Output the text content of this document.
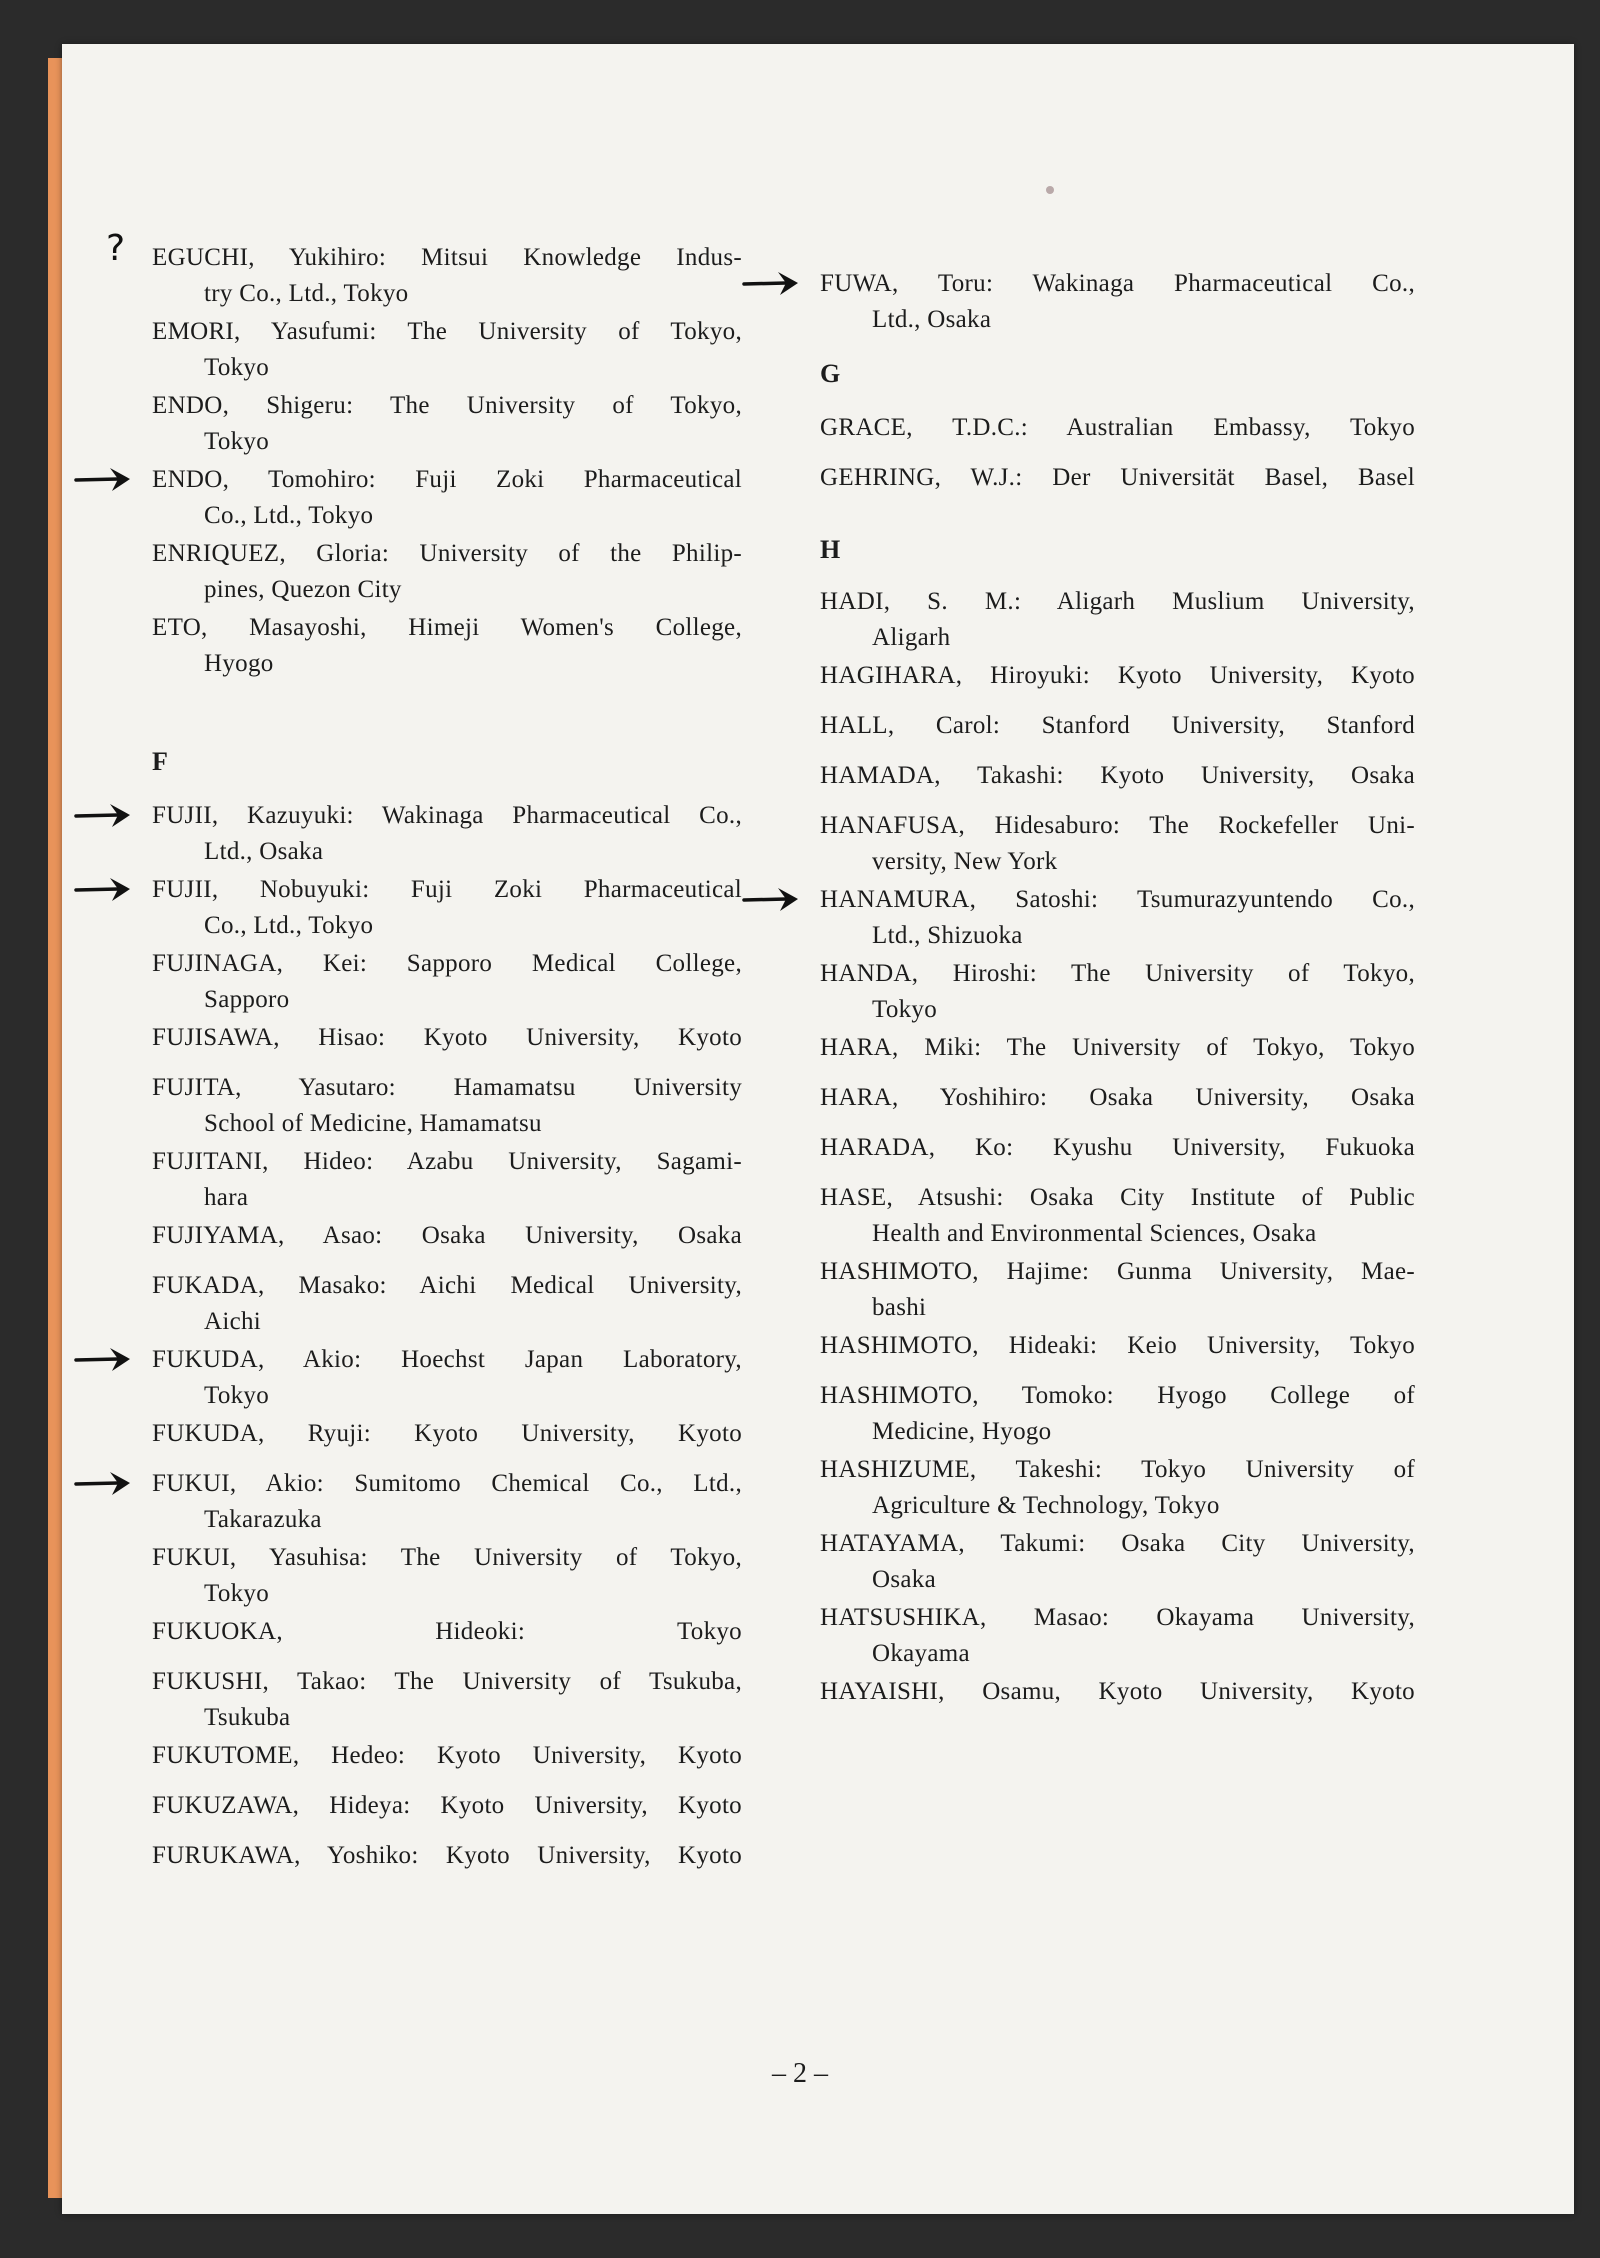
EGUCHI, Yukihiro: Mitsui Knowledge Indus-
try Co., Ltd., Tokyo
?
EMORI, Yasufumi: The University of Tokyo,
Tokyo
ENDO, Shigeru: The University of Tokyo,
Tokyo
ENDO, Tomohiro: Fuji Zoki Pharmaceutical
Co., Ltd., Tokyo
ENRIQUEZ, Gloria: University of the Philip-
pines, Quezon City
ETO, Masayoshi, Himeji Women's College,
Hyogo
F
FUJII, Kazuyuki: Wakinaga Pharmaceutical Co.,
Ltd., Osaka
FUJII, Nobuyuki: Fuji Zoki Pharmaceutical
Co., Ltd., Tokyo
FUJINAGA, Kei: Sapporo Medical College,
Sapporo
FUJISAWA, Hisao: Kyoto University, Kyoto
FUJITA, Yasutaro: Hamamatsu University
School of Medicine, Hamamatsu
FUJITANI, Hideo: Azabu University, Sagami-
hara
FUJIYAMA, Asao: Osaka University, Osaka
FUKADA, Masako: Aichi Medical University,
Aichi
FUKUDA, Akio: Hoechst Japan Laboratory,
Tokyo
FUKUDA, Ryuji: Kyoto University, Kyoto
FUKUI, Akio: Sumitomo Chemical Co., Ltd.,
Takarazuka
FUKUI, Yasuhisa: The University of Tokyo,
Tokyo
FUKUOKA, Hideoki: Tokyo
FUKUSHI, Takao: The University of Tsukuba,
Tsukuba
FUKUTOME, Hedeo: Kyoto University, Kyoto
FUKUZAWA, Hideya: Kyoto University, Kyoto
FURUKAWA, Yoshiko: Kyoto University, Kyoto
FUWA, Toru: Wakinaga Pharmaceutical Co.,
Ltd., Osaka
G
GRACE, T.D.C.: Australian Embassy, Tokyo
GEHRING, W.J.: Der Universität Basel, Basel
H
HADI, S. M.: Aligarh Muslium University,
Aligarh
HAGIHARA, Hiroyuki: Kyoto University, Kyoto
HALL, Carol: Stanford University, Stanford
HAMADA, Takashi: Kyoto University, Osaka
HANAFUSA, Hidesaburo: The Rockefeller Uni-
versity, New York
HANAMURA, Satoshi: Tsumurazyuntendo Co.,
Ltd., Shizuoka
HANDA, Hiroshi: The University of Tokyo,
Tokyo
HARA, Miki: The University of Tokyo, Tokyo
HARA, Yoshihiro: Osaka University, Osaka
HARADA, Ko: Kyushu University, Fukuoka
HASE, Atsushi: Osaka City Institute of Public
Health and Environmental Sciences, Osaka
HASHIMOTO, Hajime: Gunma University, Mae-
bashi
HASHIMOTO, Hideaki: Keio University, Tokyo
HASHIMOTO, Tomoko: Hyogo College of
Medicine, Hyogo
HASHIZUME, Takeshi: Tokyo University of
Agriculture & Technology, Tokyo
HATAYAMA, Takumi: Osaka City University,
Osaka
HATSUSHIKA, Masao: Okayama University,
Okayama
HAYAISHI, Osamu, Kyoto University, Kyoto
– 2 –
